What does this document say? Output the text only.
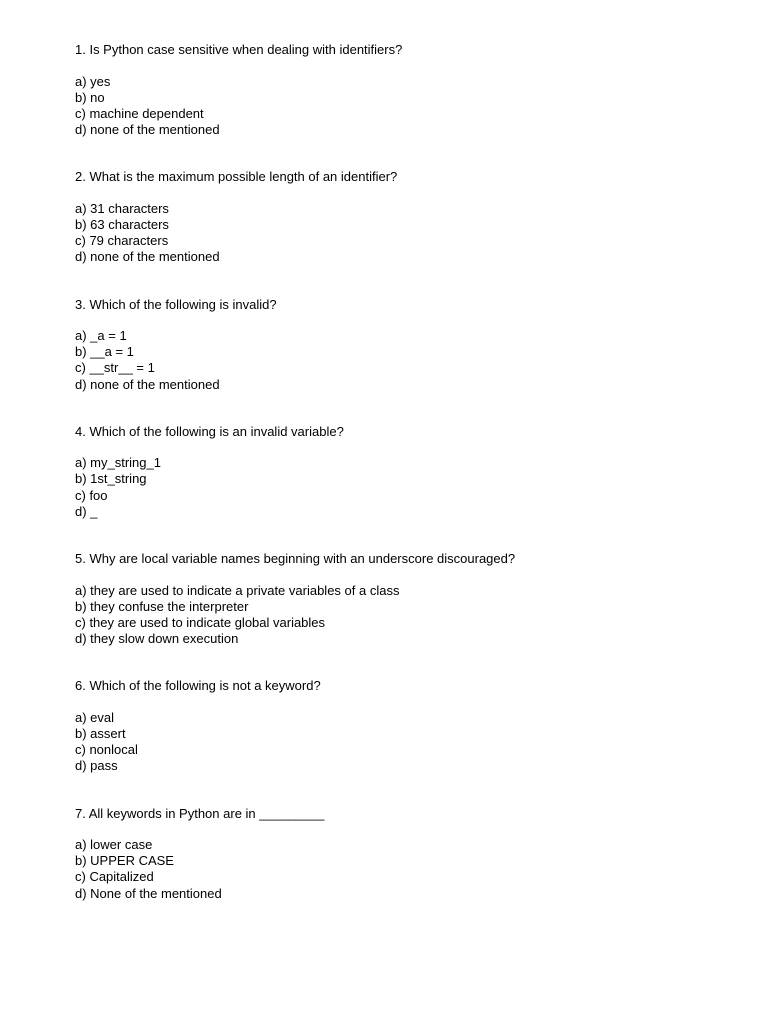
1. Is Python case sensitive when dealing with identifiers?
a) yes
b) no
c) machine dependent
d) none of the mentioned
2. What is the maximum possible length of an identifier?
a) 31 characters
b) 63 characters
c) 79 characters
d) none of the mentioned
3. Which of the following is invalid?
a) _a = 1
b) __a = 1
c) __str__ = 1
d) none of the mentioned
4. Which of the following is an invalid variable?
a) my_string_1
b) 1st_string
c) foo
d) _
5. Why are local variable names beginning with an underscore discouraged?
a) they are used to indicate a private variables of a class
b) they confuse the interpreter
c) they are used to indicate global variables
d) they slow down execution
6. Which of the following is not a keyword?
a) eval
b) assert
c) nonlocal
d) pass
7. All keywords in Python are in _________
a) lower case
b) UPPER CASE
c) Capitalized
d) None of the mentioned
